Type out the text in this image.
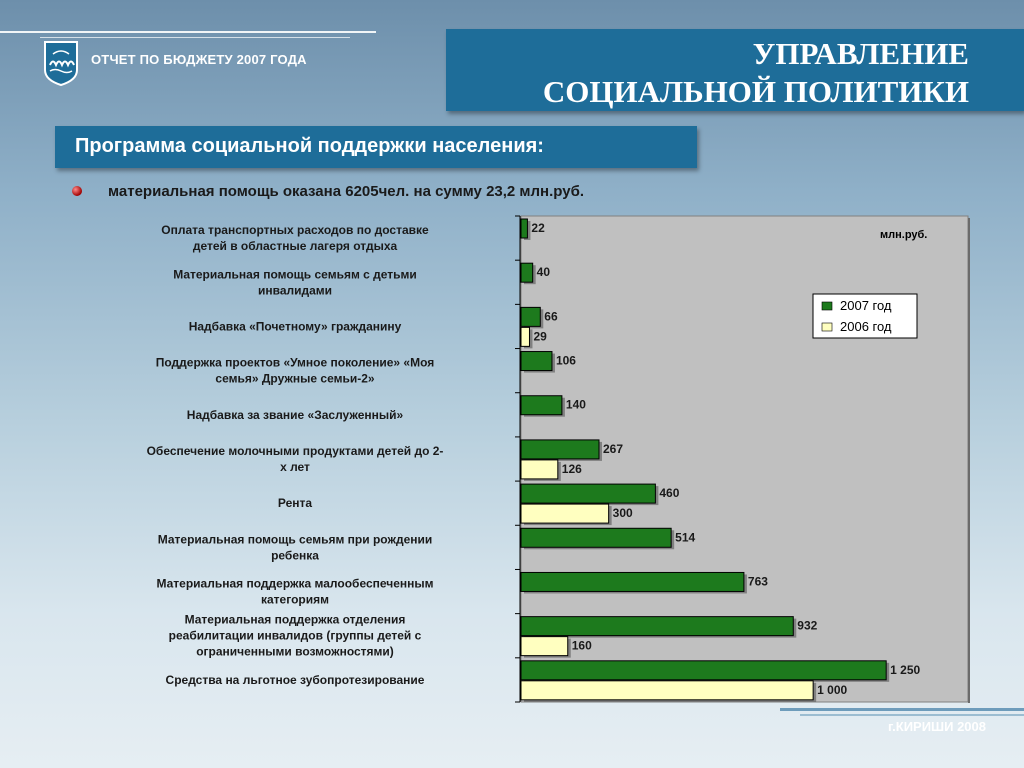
ОТЧЕТ ПО БЮДЖЕТУ 2007 ГОДА	УПРАВЛЕНИЕ
СОЦИАЛЬНОЙ ПОЛИТИКИ
Программа социальной поддержки населения:
материальная помощь оказана 6205чел. на сумму 23,2 млн.руб.
Оплата транспортных расходов по доставке детей в областные лагеря отдыха
Материальная помощь семьям с детьми инвалидами
Надбавка «Почетному» гражданину
Поддержка проектов «Умное поколение» «Моя семья» Дружные семьи-2»
Надбавка за звание «Заслуженный»
Обеспечение молочными продуктами детей до 2-х лет
Рента
Материальная помощь семьям при рождении ребенка
Материальная поддержка малообеспеченным категориям
Материальная поддержка отделения реабилитации инвалидов (группы детей с ограниченными возможностями)
Средства на льготное зубопротезирование
22
40
66
29
106
140
267
126
460
300
514
763
932
160
1 250
1 000
млн.руб.
2007 год
2006 год
г.КИРИШИ 2008
